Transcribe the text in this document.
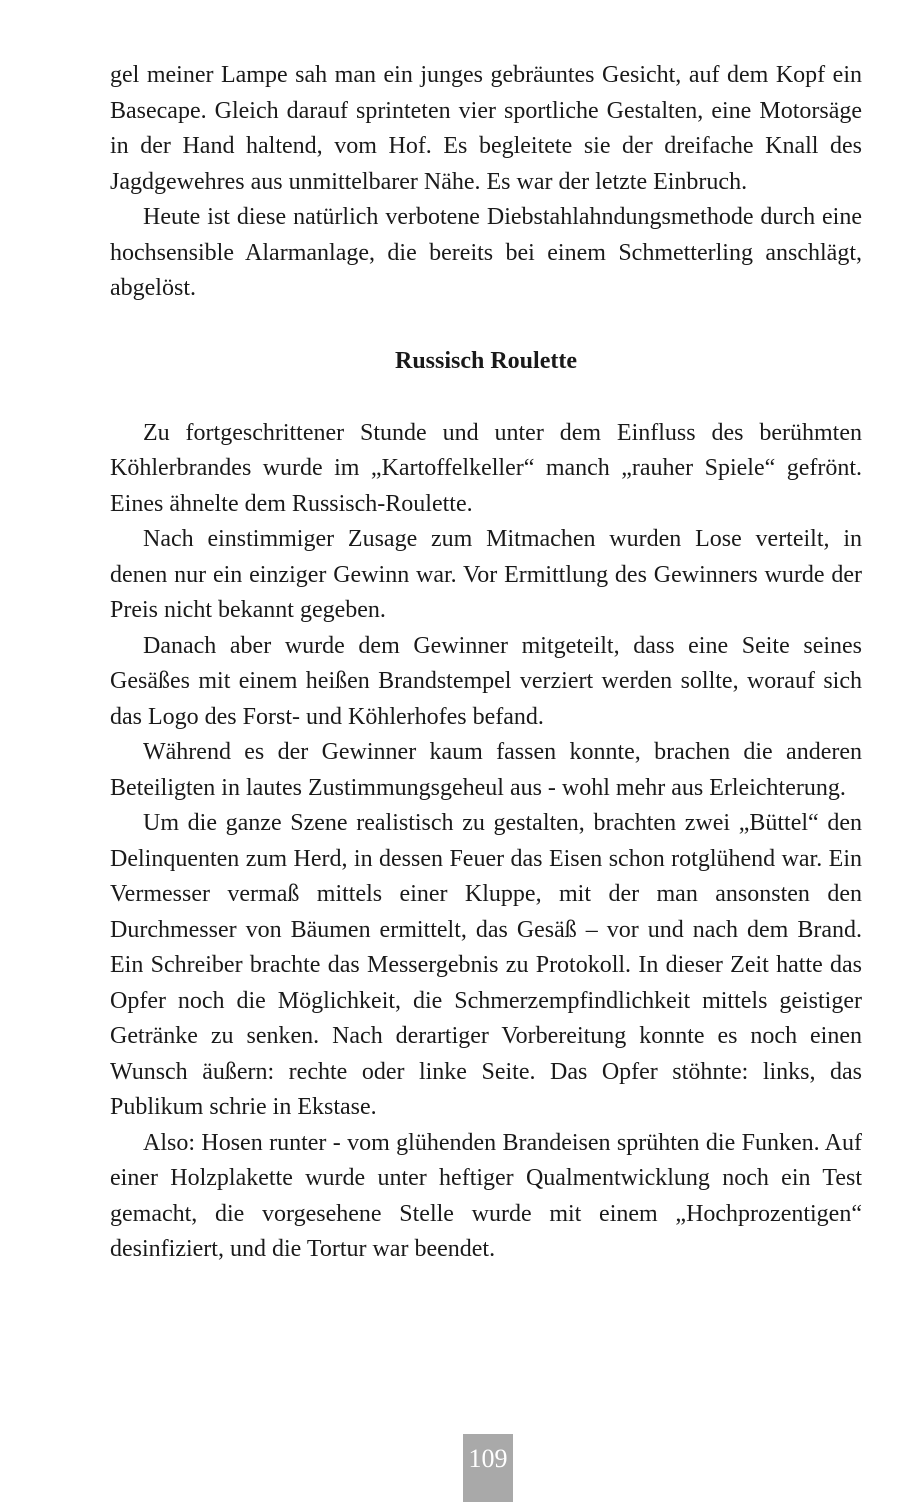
gel meiner Lampe sah man ein junges gebräuntes Gesicht, auf dem Kopf ein Basecape. Gleich darauf sprinteten vier sportliche Gestalten, eine Motorsäge in der Hand haltend, vom Hof. Es begleitete sie der dreifache Knall des Jagdgewehres aus unmittelbarer Nähe. Es war der letzte Einbruch.

Heute ist diese natürlich verbotene Diebstahlahndungsmethode durch eine hochsensible Alarmanlage, die bereits bei einem Schmetterling anschlägt, abgelöst.

Russisch Roulette

Zu fortgeschrittener Stunde und unter dem Einfluss des berühmten Köhlerbrandes wurde im „Kartoffelkeller“ manch „rauher Spiele“ gefrönt. Eines ähnelte dem Russisch-Roulette.

Nach einstimmiger Zusage zum Mitmachen wurden Lose verteilt, in denen nur ein einziger Gewinn war. Vor Ermittlung des Gewinners wurde der Preis nicht bekannt gegeben.

Danach aber wurde dem Gewinner mitgeteilt, dass eine Seite seines Gesäßes mit einem heißen Brandstempel verziert werden sollte, worauf sich das Logo des Forst- und Köhlerhofes befand.

Während es der Gewinner kaum fassen konnte, brachen die anderen Beteiligten in lautes Zustimmungsgeheul aus - wohl mehr aus Erleichterung.

Um die ganze Szene realistisch zu gestalten, brachten zwei „Büttel“ den Delinquenten zum Herd, in dessen Feuer das Eisen schon rotglühend war. Ein Vermesser vermaß mittels einer Kluppe, mit der man ansonsten den Durchmesser von Bäumen ermittelt, das Gesäß – vor und nach dem Brand. Ein Schreiber brachte das Messergebnis zu Protokoll. In dieser Zeit hatte das Opfer noch die Möglichkeit, die Schmerzempfindlichkeit mittels geistiger Getränke zu senken. Nach derartiger Vorbereitung konnte es noch einen Wunsch äußern: rechte oder linke Seite. Das Opfer stöhnte: links, das Publikum schrie in Ekstase.

Also: Hosen runter - vom glühenden Brandeisen sprühten die Funken. Auf einer Holzplakette wurde unter heftiger Qualmentwicklung noch ein Test gemacht, die vorgesehene Stelle wurde mit einem „Hochprozentigen“ desinfiziert, und die Tortur war beendet.

109
